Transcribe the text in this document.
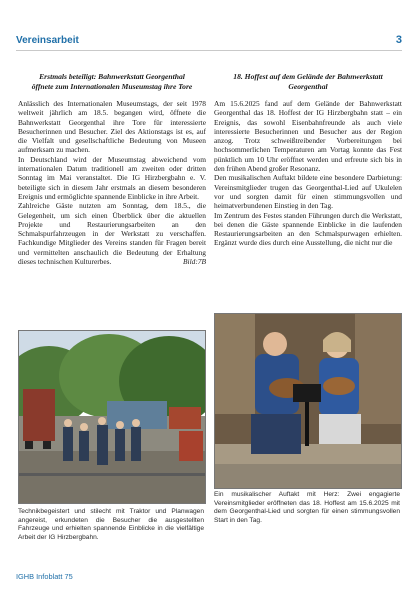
Vereinsarbeit	3
Erstmals beteiligt: Bahnwerkstatt Georgenthal
öffnete zum Internationalen Museumstag ihre Tore

Anlässlich des Internationalen Museumstags, der seit 1978 weltweit jährlich am 18.5. begangen wird, öffnete die Bahnwerkstatt Georgenthal ihre Tore für interessierte Besucherinnen und Besucher. Ziel des Aktionstags ist es, auf die Vielfalt und gesellschaftliche Bedeutung von Museen aufmerksam zu machen.

In Deutschland wird der Museumstag abweichend vom internationalen Datum traditionell am zweiten oder dritten Sonntag im Mai veranstaltet. Die IG Hirzbergbahn e. V. beteiligte sich in diesem Jahr erstmals an diesem besonderen Ereignis und ermöglichte spannende Einblicke in ihre Arbeit.

Zahlreiche Gäste nutzten am Sonntag, dem 18.5., die Gelegenheit, um sich einen Überblick über die aktuellen Projekte und Restaurierungsarbeiten an den Schmalspurfahrzeugen in der Werkstatt zu verschaffen. Fachkundige Mitglieder des Vereins standen für Fragen bereit und vermittelten anschaulich die Bedeutung der Erhaltung dieses technischen Kulturerbes.	Bild:7B

18. Hoffest auf dem Gelände der Bahnwerkstatt
Georgenthal

Am 15.6.2025 fand auf dem Gelände der Bahnwerkstatt Georgenthal das 18. Hoffest der IG Hirzbergbahn statt – ein Ereignis, das sowohl Eisenbahnfreunde als auch viele interessierte Besucherinnen und Besucher aus der Region anzog. Trotz schweißtreibender Vorbereitungen bei hochsommerlichen Temperaturen am Vortag konnte das Fest pünktlich um 10 Uhr eröffnet werden und erfreute sich bis in den frühen Abend großer Resonanz.

Den musikalischen Auftakt bildete eine besondere Darbietung: Vereinsmitglieder trugen das Georgenthal-Lied auf Ukulelen vor und sorgten damit für einen stimmungsvollen und heimatverbundenen Einstieg in den Tag.

Im Zentrum des Festes standen Führungen durch die Werkstatt, bei denen die Gäste spannende Einblicke in die laufenden Restaurierungsarbeiten an den Schmalspurwagen erhielten. Ergänzt wurde dies durch eine Ausstellung, die nicht nur die

Technikbegeistert und stilecht mit Traktor und Planwagen angereist, erkundeten die Besucher die ausgestellten Fahrzeuge und erhielten spannende Einblicke in die vielfältige Arbeit der IG Hirzbergbahn.
Ein musikalischer Auftakt mit Herz: Zwei engagierte Vereinsmitglieder eröffneten das 18. Hoffest am 15.6.2025 mit dem Georgenthal-Lied und sorgten für einen stimmungsvollen Start in den Tag.
IGHB Infoblatt 75
